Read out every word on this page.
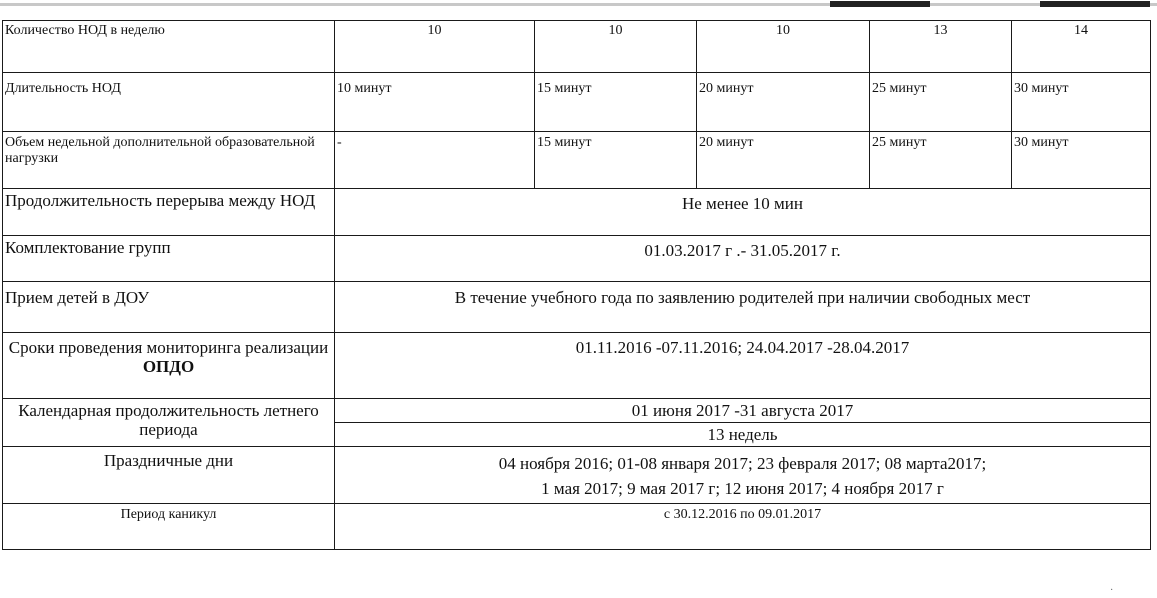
Количество НОД в неделю	10	10	10	13	14
Длительность НОД	10 минут	15 минут	20 минут	25 минут	30 минут
Объем недельной дополнительной образовательной нагрузки	-	15 минут	20 минут	25 минут	30 минут
Продолжительность перерыва между НОД	Не менее 10 мин				
Комплектование групп	01.03.2017 г .- 31.05.2017 г.				
Прием детей в ДОУ	В течение учебного года по заявлению родителей при наличии свободных мест				
Сроки проведения мониторинга реализации ОПДО	01.11.2016 -07.11.2016; 24.04.2017 -28.04.2017				
Календарная продолжительность летнего периода	01 июня 2017 -31 августа 2017				
	13 недель				
Праздничные дни	04 ноября 2016; 01-08 января 2017; 23 февраля 2017; 08 марта2017;
1 мая 2017; 9 мая 2017 г; 12 июня 2017; 4 ноября 2017 г				

Период каникул	с 30.12.2016 по 09.01.2017				
·
